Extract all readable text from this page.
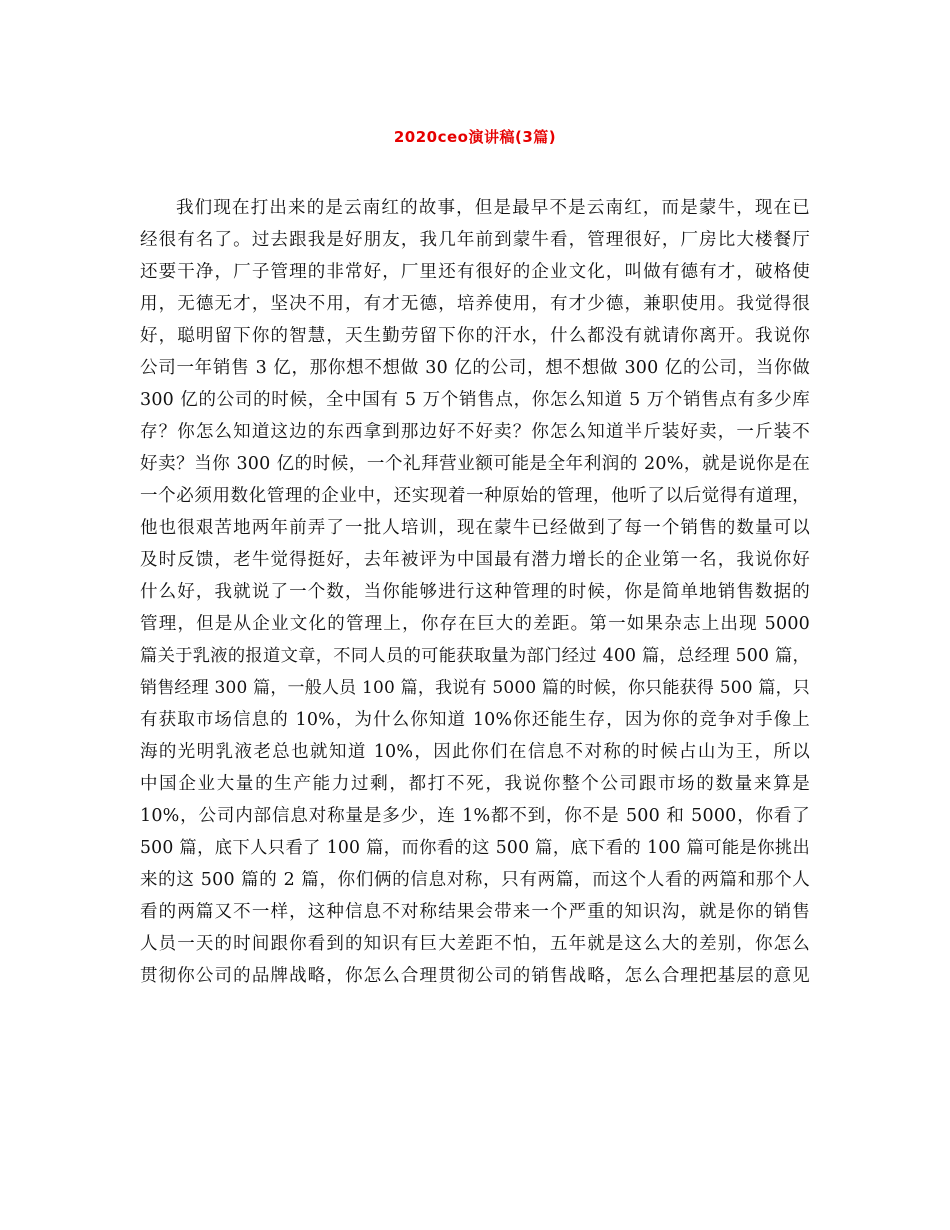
2020ceo演讲稿(3篇)
我们现在打出来的是云南红的故事，但是最早不是云南红，而是蒙牛，现在已
经很有名了。过去跟我是好朋友，我几年前到蒙牛看，管理很好，厂房比大楼餐厅
还要干净，厂子管理的非常好，厂里还有很好的企业文化，叫做有德有才，破格使
用，无德无才，坚决不用，有才无德，培养使用，有才少德，兼职使用。我觉得很
好，聪明留下你的智慧，天生勤劳留下你的汗水，什么都没有就请你离开。我说你
公司一年销售 3 亿，那你想不想做 30 亿的公司，想不想做 300 亿的公司，当你做
300 亿的公司的时候，全中国有 5 万个销售点，你怎么知道 5 万个销售点有多少库
存？你怎么知道这边的东西拿到那边好不好卖？你怎么知道半斤装好卖，一斤装不
好卖？当你 300 亿的时候，一个礼拜营业额可能是全年利润的 20%，就是说你是在
一个必须用数化管理的企业中，还实现着一种原始的管理，他听了以后觉得有道理，
他也很艰苦地两年前弄了一批人培训，现在蒙牛已经做到了每一个销售的数量可以
及时反馈，老牛觉得挺好，去年被评为中国最有潜力增长的企业第一名，我说你好
什么好，我就说了一个数，当你能够进行这种管理的时候，你是简单地销售数据的
管理，但是从企业文化的管理上，你存在巨大的差距。第一如果杂志上出现 5000
篇关于乳液的报道文章，不同人员的可能获取量为部门经过 400 篇，总经理 500 篇，
销售经理 300 篇，一般人员 100 篇，我说有 5000 篇的时候，你只能获得 500 篇，只
有获取市场信息的 10%，为什么你知道 10%你还能生存，因为你的竞争对手像上
海的光明乳液老总也就知道 10%，因此你们在信息不对称的时候占山为王，所以
中国企业大量的生产能力过剩，都打不死，我说你整个公司跟市场的数量来算是
10%，公司内部信息对称量是多少，连 1%都不到，你不是 500 和 5000，你看了
500 篇，底下人只看了 100 篇，而你看的这 500 篇，底下看的 100 篇可能是你挑出
来的这 500 篇的 2 篇，你们俩的信息对称，只有两篇，而这个人看的两篇和那个人
看的两篇又不一样，这种信息不对称结果会带来一个严重的知识沟，就是你的销售
人员一天的时间跟你看到的知识有巨大差距不怕，五年就是这么大的差别，你怎么
贯彻你公司的品牌战略，你怎么合理贯彻公司的销售战略，怎么合理把基层的意见
